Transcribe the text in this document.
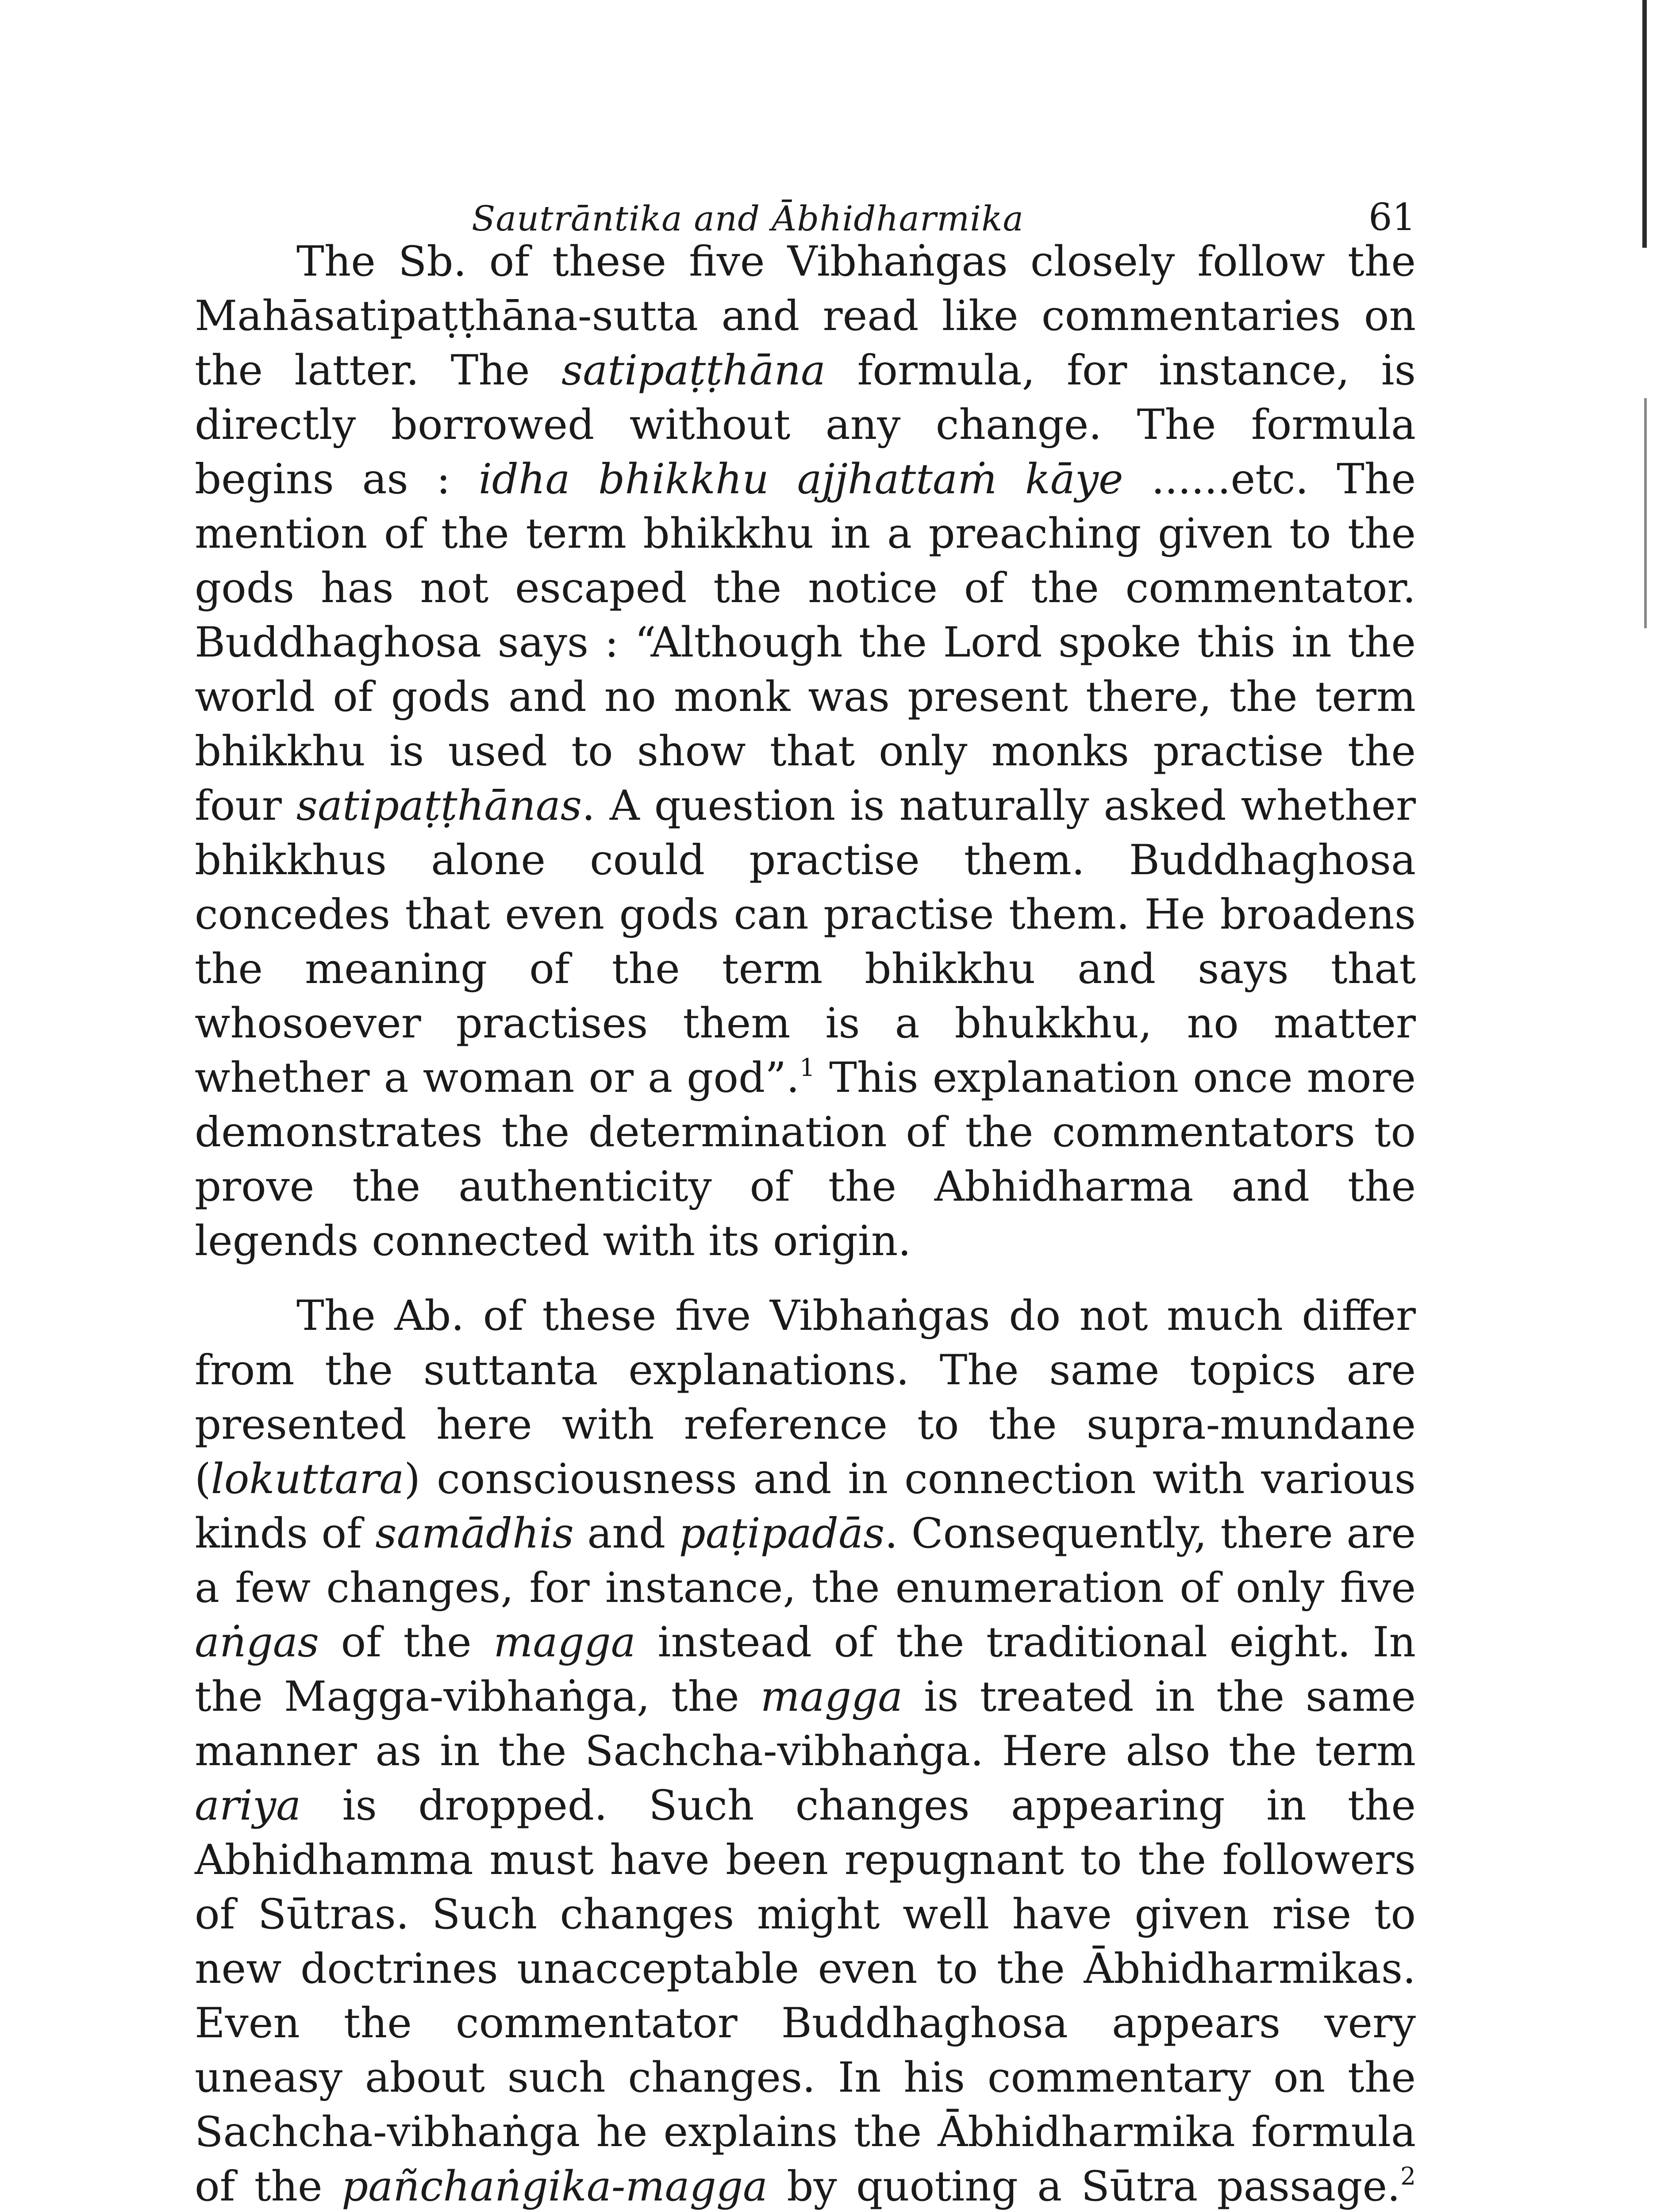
Sautrāntika and Ābhidharmika	61

The Sb. of these five Vibhaṅgas closely follow the Mahāsatipaṭṭhāna-sutta and read like commentaries on the latter. The satipaṭṭhāna formula, for instance, is directly borrowed without any change. The formula begins as : idha bhikkhu ajjhattaṁ kāye ......etc. The mention of the term bhikkhu in a preaching given to the gods has not escaped the notice of the commentator. Buddhaghosa says : “Although the Lord spoke this in the world of gods and no monk was present there, the term bhikkhu is used to show that only monks practise the four satipaṭṭhānas. A question is naturally asked whether bhikkhus alone could practise them. Buddhaghosa concedes that even gods can practise them. He broadens the meaning of the term bhikkhu and says that whosoever practises them is a bhukkhu, no matter whether a woman or a god”.$^1$ This explanation once more demonstrates the determination of the commentators to prove the authenticity of the Abhidharma and the legends connected with its origin.

The Ab. of these five Vibhaṅgas do not much differ from the suttanta explanations. The same topics are presented here with reference to the supra-mundane (lokuttara) consciousness and in connection with various kinds of samādhis and paṭipadās. Consequently, there are a few changes, for instance, the enumeration of only five aṅgas of the magga instead of the traditional eight. In the Magga-vibhaṅga, the magga is treated in the same manner as in the Sachcha-vibhaṅga. Here also the term ariya is dropped. Such changes appearing in the Abhidhamma must have been repugnant to the followers of Sūtras. Such changes might well have given rise to new doctrines unacceptable even to the Ābhidharmikas. Even the commentator Buddhaghosa appears very uneasy about such changes. In his commentary on the Sachcha-vibhaṅga he explains the Ābhidharmika formula of the pañchaṅgika-magga by quoting a Sūtra passage.$^2$
